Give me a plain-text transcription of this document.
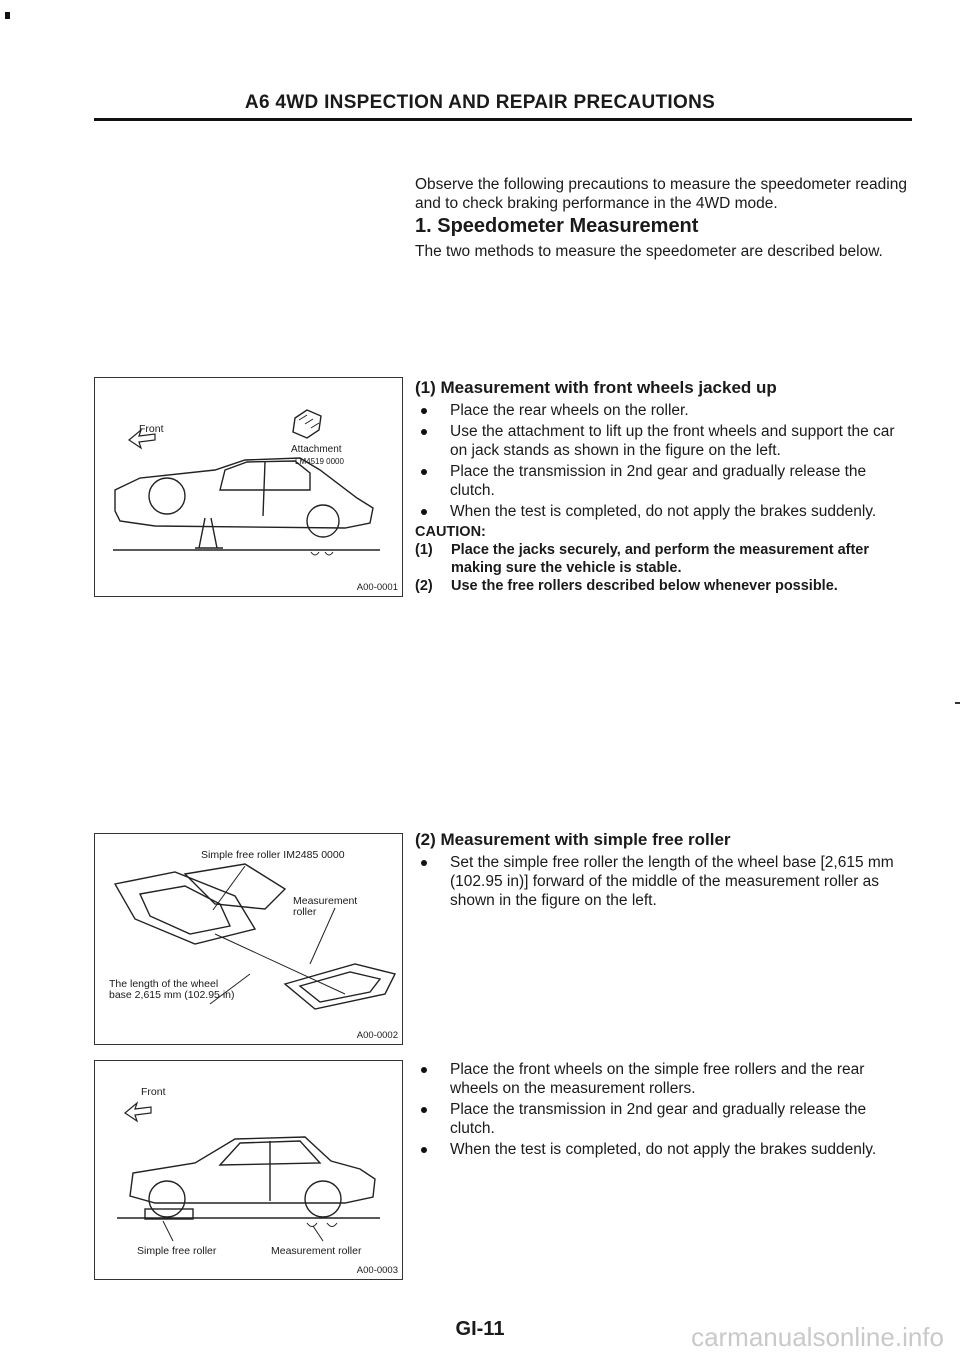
A6 4WD INSPECTION AND REPAIR PRECAUTIONS

Observe the following precautions to measure the speedometer reading and to check braking performance in the 4WD mode.

1. Speedometer Measurement

The two methods to measure the speedometer are described below.

(1) Measurement with front wheels jacked up
Place the rear wheels on the roller.
Use the attachment to lift up the front wheels and support the car on jack stands as shown in the figure on the left.
Place the transmission in 2nd gear and gradually release the clutch.
When the test is completed, do not apply the brakes suddenly.
CAUTION:
(1) Place the jacks securely, and perform the measurement after making sure the vehicle is stable.
(2) Use the free rollers described below whenever possible.
(2) Measurement with simple free roller
Set the simple free roller the length of the wheel base [2,615 mm (102.95 in)] forward of the middle of the measurement roller as shown in the figure on the left.
Place the front wheels on the simple free rollers and the rear wheels on the measurement rollers.
Place the transmission in 2nd gear and gradually release the clutch.
When the test is completed, do not apply the brakes suddenly.
Front
Attachment
LM4519 0000
A00-0001
Simple free roller IM2485 0000
Measurement roller
The length of the wheel base 2,615 mm (102.95 in)
A00-0002
Front
Simple free roller	Measurement roller
A00-0003
GI-11	carmanualsonline.info
